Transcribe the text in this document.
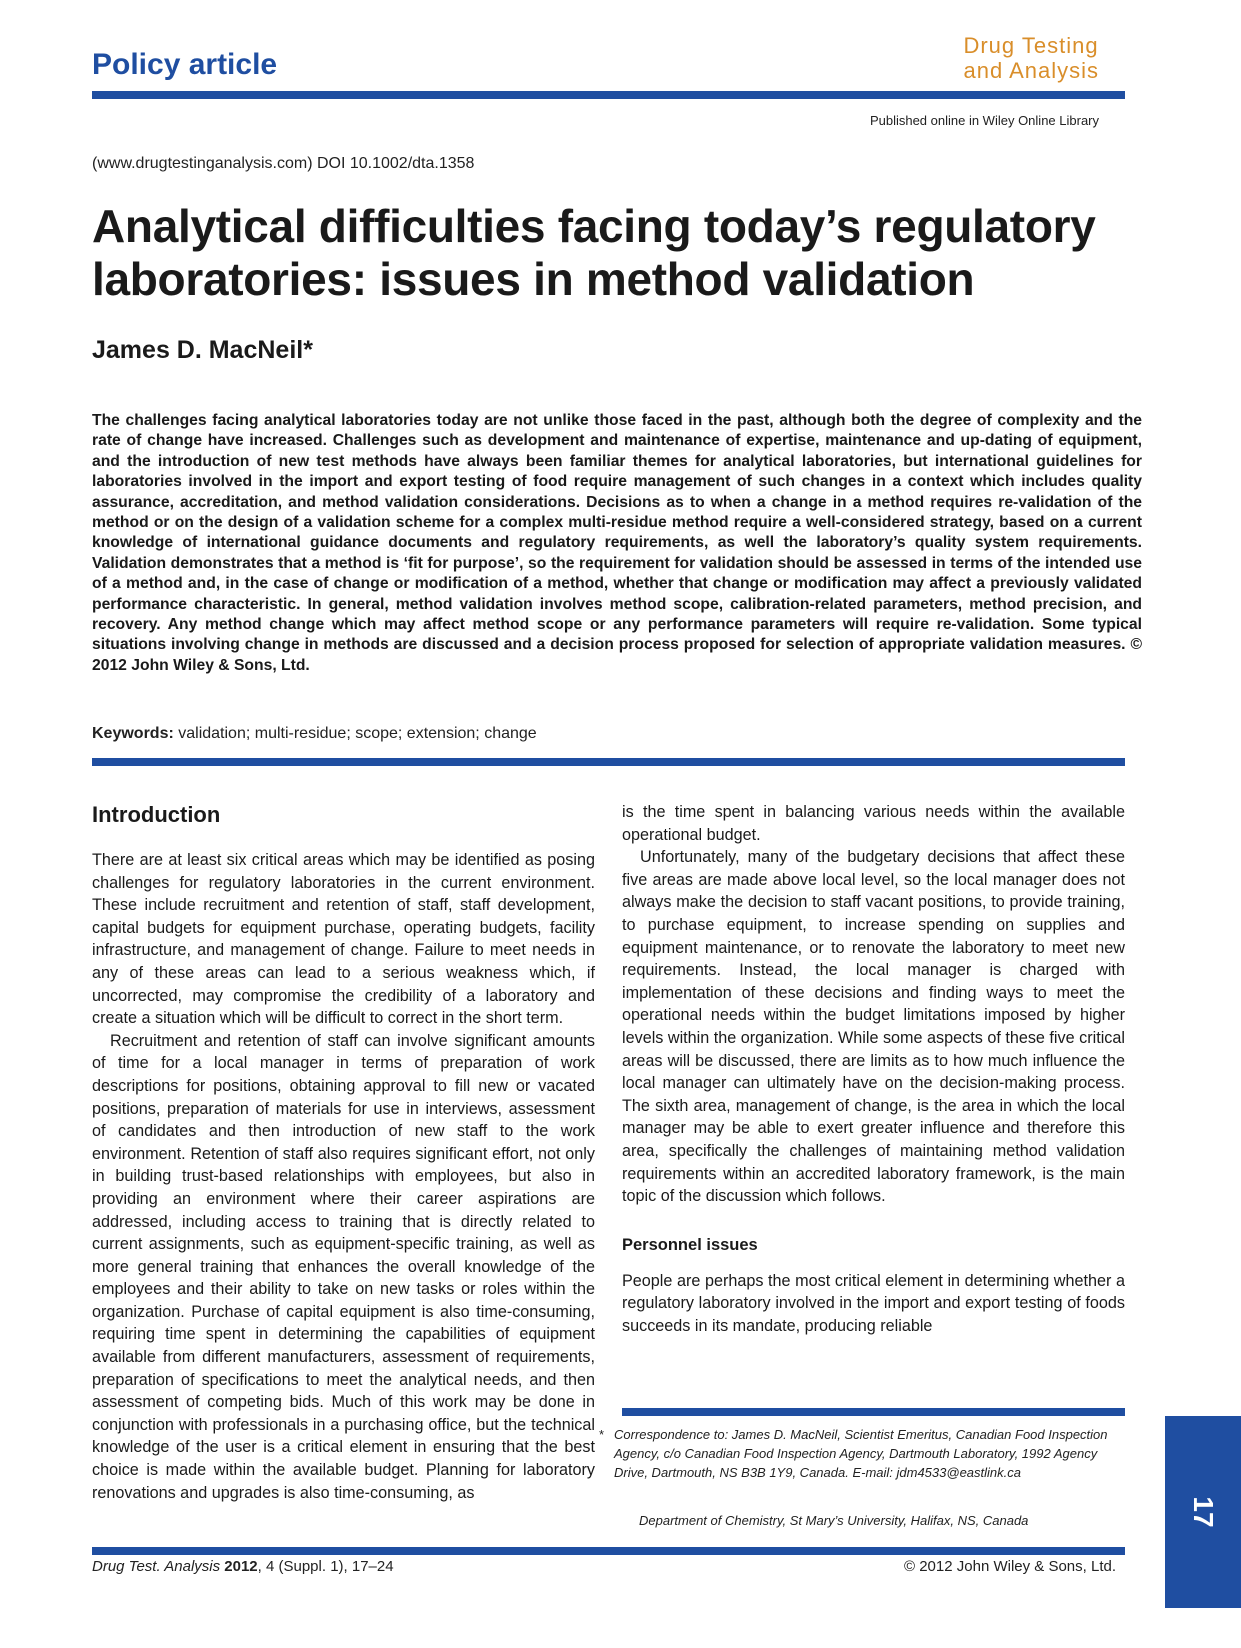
Policy article
Drug Testing
and Analysis
Published online in Wiley Online Library
(www.drugtestinganalysis.com) DOI 10.1002/dta.1358
Analytical difficulties facing today’s regulatory laboratories: issues in method validation
James D. MacNeil*

The challenges facing analytical laboratories today are not unlike those faced in the past, although both the degree of complexity and the rate of change have increased. Challenges such as development and maintenance of expertise, maintenance and up-dating of equipment, and the introduction of new test methods have always been familiar themes for analytical laboratories, but international guidelines for laboratories involved in the import and export testing of food require management of such changes in a context which includes quality assurance, accreditation, and method validation considerations. Decisions as to when a change in a method requires re-validation of the method or on the design of a validation scheme for a complex multi-residue method require a well-considered strategy, based on a current knowledge of international guidance documents and regulatory requirements, as well the laboratory’s quality system requirements. Validation demonstrates that a method is ‘fit for purpose’, so the requirement for validation should be assessed in terms of the intended use of a method and, in the case of change or modification of a method, whether that change or modification may affect a previously validated performance characteristic. In general, method validation involves method scope, calibration-related parameters, method precision, and recovery. Any method change which may affect method scope or any performance parameters will require re-validation. Some typical situations involving change in methods are discussed and a decision process proposed for selection of appropriate validation measures. © 2012 John Wiley & Sons, Ltd.

Keywords: validation; multi-residue; scope; extension; change
Introduction

There are at least six critical areas which may be identified as posing challenges for regulatory laboratories in the current environment. These include recruitment and retention of staff, staff development, capital budgets for equipment purchase, operating budgets, facility infrastructure, and management of change. Failure to meet needs in any of these areas can lead to a serious weakness which, if uncorrected, may compromise the credibility of a laboratory and create a situation which will be difficult to correct in the short term.

Recruitment and retention of staff can involve significant amounts of time for a local manager in terms of preparation of work descriptions for positions, obtaining approval to fill new or vacated positions, preparation of materials for use in interviews, assessment of candidates and then introduction of new staff to the work environment. Retention of staff also requires significant effort, not only in building trust-based relationships with employees, but also in providing an environment where their career aspirations are addressed, including access to training that is directly related to current assignments, such as equipment-specific training, as well as more general training that enhances the overall knowledge of the employees and their ability to take on new tasks or roles within the organization. Purchase of capital equipment is also time-consuming, requiring time spent in determining the capabilities of equipment available from different manufacturers, assessment of requirements, preparation of specifications to meet the analytical needs, and then assessment of competing bids. Much of this work may be done in conjunction with professionals in a purchasing office, but the technical knowledge of the user is a critical element in ensuring that the best choice is made within the available budget. Planning for laboratory renovations and upgrades is also time-consuming, as

is the time spent in balancing various needs within the available operational budget.

Unfortunately, many of the budgetary decisions that affect these five areas are made above local level, so the local manager does not always make the decision to staff vacant positions, to provide training, to purchase equipment, to increase spending on supplies and equipment maintenance, or to renovate the laboratory to meet new requirements. Instead, the local manager is charged with implementation of these decisions and finding ways to meet the operational needs within the budget limitations imposed by higher levels within the organization. While some aspects of these five critical areas will be discussed, there are limits as to how much influence the local manager can ultimately have on the decision-making process. The sixth area, management of change, is the area in which the local manager may be able to exert greater influence and therefore this area, specifically the challenges of maintaining method validation requirements within an accredited laboratory framework, is the main topic of the discussion which follows.

Personnel issues

People are perhaps the most critical element in determining whether a regulatory laboratory involved in the import and export testing of foods succeeds in its mandate, producing reliable

* Correspondence to: James D. MacNeil, Scientist Emeritus, Canadian Food Inspection Agency, c/o Canadian Food Inspection Agency, Dartmouth Laboratory, 1992 Agency Drive, Dartmouth, NS B3B 1Y9, Canada. E-mail: jdm4533@eastlink.ca
Department of Chemistry, St Mary’s University, Halifax, NS, Canada	17
Drug Test. Analysis 2012, 4 (Suppl. 1), 17–24	© 2012 John Wiley & Sons, Ltd.
